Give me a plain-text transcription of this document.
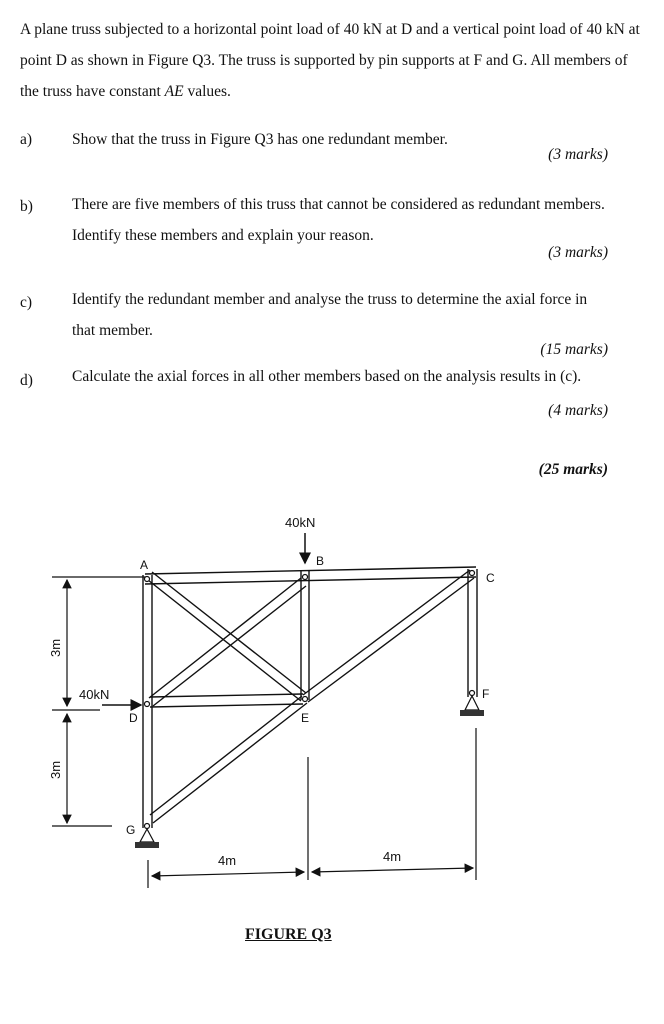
A plane truss subjected to a horizontal point load of 40 kN at D and a vertical point load of 40 kN at point D as shown in Figure Q3. The truss is supported by pin supports at F and G. All members of the truss have constant AE values.
a)	Show that the truss in Figure Q3 has one redundant member.
(3 marks)
b)	There are five members of this truss that cannot be considered as redundant members. Identify these members and explain your reason.
(3 marks)
c)	Identify the redundant member and analyse the truss to determine the axial force in that member.
(15 marks)
d)	Calculate the axial forces in all other members based on the analysis results in (c).
(4 marks)
(25 marks)
3m
3m
A	B
C
D	E
F
G
40kN
40kN
4m	4m
FIGURE Q3
